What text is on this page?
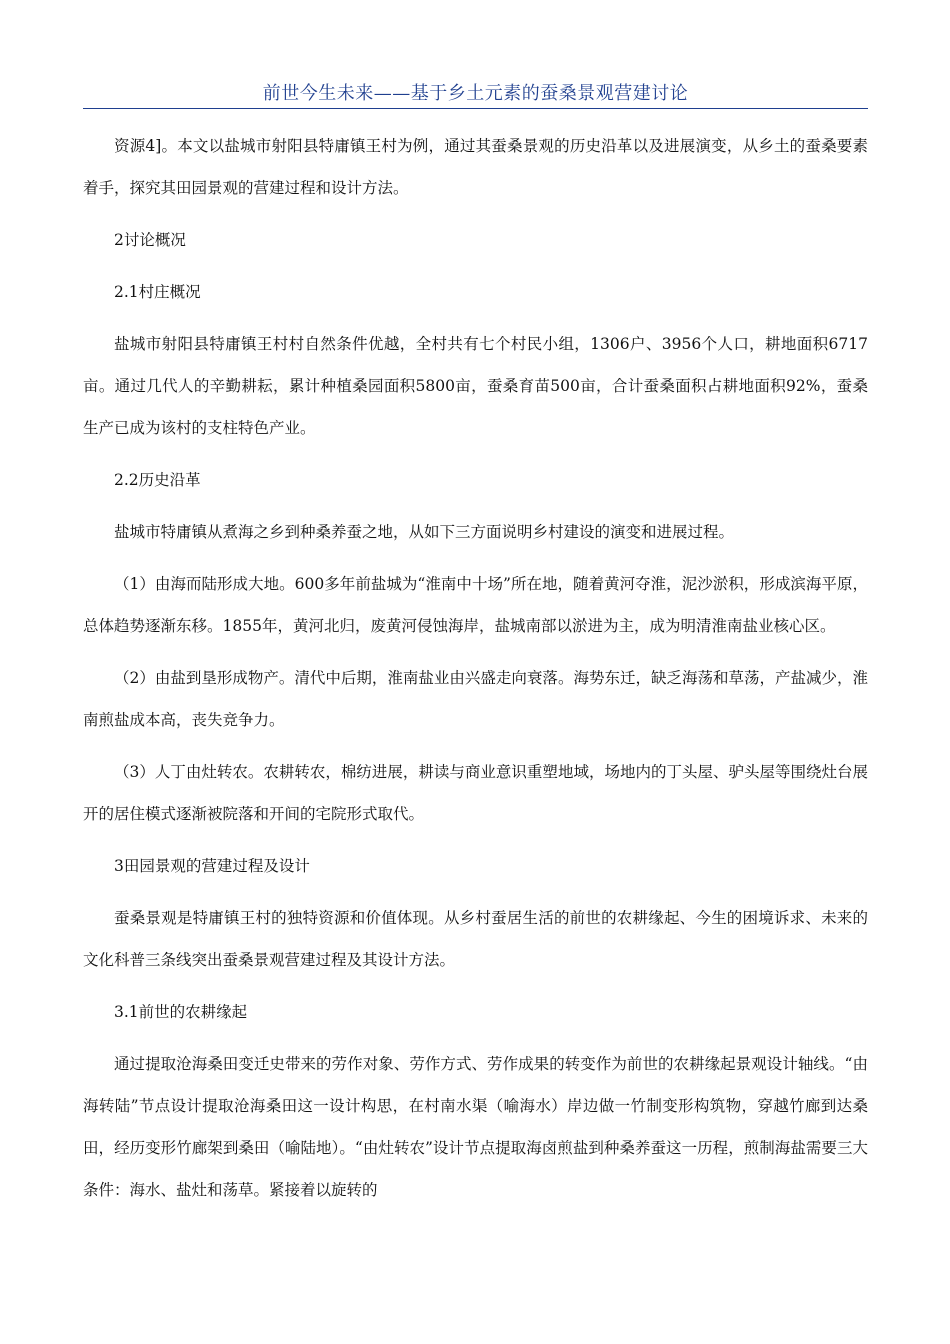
前世今生未来——基于乡土元素的蚕桑景观营建讨论

资源4]。本文以盐城市射阳县特庸镇王村为例，通过其蚕桑景观的历史沿革以及进展演变，从乡土的蚕桑要素着手，探究其田园景观的营建过程和设计方法。

2讨论概况

2.1村庄概况

盐城市射阳县特庸镇王村村自然条件优越，全村共有七个村民小组，1306户、3956个人口，耕地面积6717亩。通过几代人的辛勤耕耘，累计种植桑园面积5800亩，蚕桑育苗500亩，合计蚕桑面积占耕地面积92%，蚕桑生产已成为该村的支柱特色产业。

2.2历史沿革

盐城市特庸镇从煮海之乡到种桑养蚕之地，从如下三方面说明乡村建设的演变和进展过程。

（1）由海而陆形成大地。600多年前盐城为“淮南中十场”所在地，随着黄河夺淮，泥沙淤积，形成滨海平原，总体趋势逐渐东移。1855年，黄河北归，废黄河侵蚀海岸，盐城南部以淤进为主，成为明清淮南盐业核心区。

（2）由盐到垦形成物产。清代中后期，淮南盐业由兴盛走向衰落。海势东迁，缺乏海荡和草荡，产盐减少，淮南煎盐成本高，丧失竞争力。

（3）人丁由灶转农。农耕转农，棉纺进展，耕读与商业意识重塑地域，场地内的丁头屋、驴头屋等围绕灶台展开的居住模式逐渐被院落和开间的宅院形式取代。

3田园景观的营建过程及设计

蚕桑景观是特庸镇王村的独特资源和价值体现。从乡村蚕居生活的前世的农耕缘起、今生的困境诉求、未来的文化科普三条线突出蚕桑景观营建过程及其设计方法。

3.1前世的农耕缘起

通过提取沧海桑田变迁史带来的劳作对象、劳作方式、劳作成果的转变作为前世的农耕缘起景观设计轴线。“由海转陆”节点设计提取沧海桑田这一设计构思，在村南水渠（喻海水）岸边做一竹制变形构筑物，穿越竹廊到达桑田，经历变形竹廊架到桑田（喻陆地）。“由灶转农”设计节点提取海卤煎盐到种桑养蚕这一历程，煎制海盐需要三大条件：海水、盐灶和荡草。紧接着以旋转的
